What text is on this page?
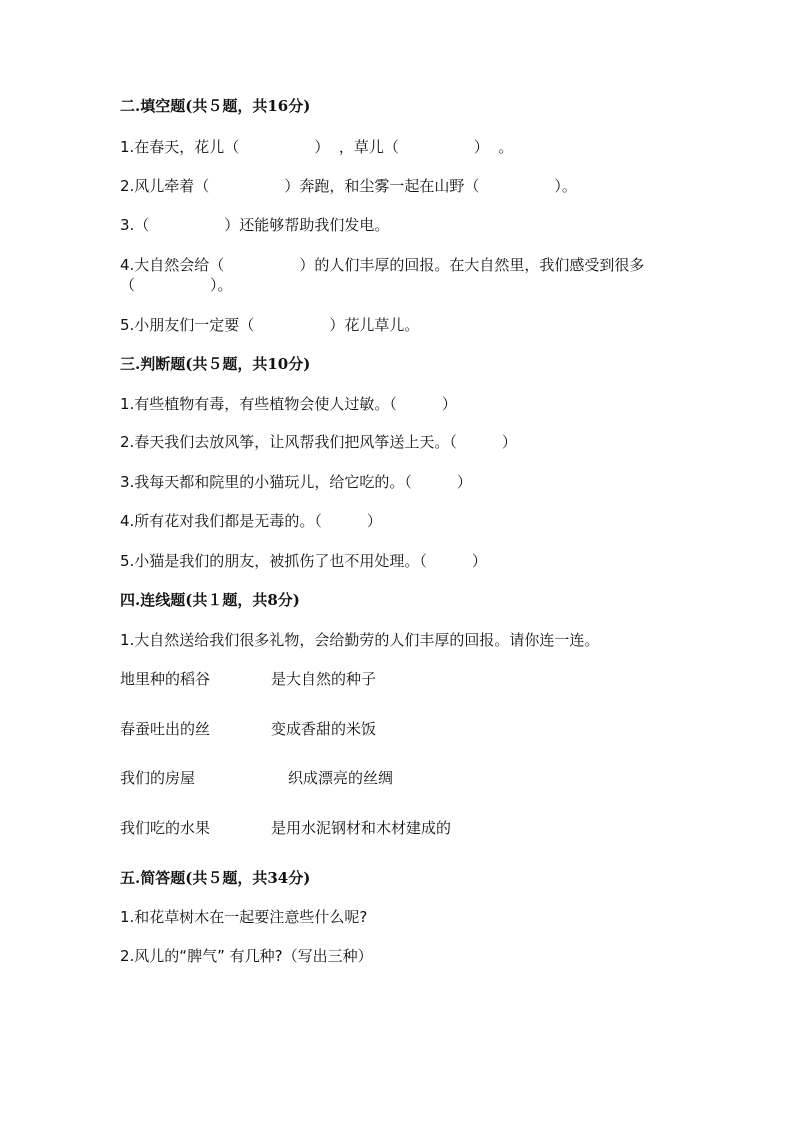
二.填空题(共５题，共16分)
1.在春天，花儿（　　　　　）  ，草儿（　　　　　）  。
2.风儿牵着（　　　　　）奔跑，和尘雾一起在山野（　　　　　）。
3.（　　　　　）还能够帮助我们发电。
4.大自然会给（　　　　　）的人们丰厚的回报。在大自然里，我们感受到很多
（　　　　　）。
5.小朋友们一定要（　　　　　）花儿草儿。
三.判断题(共５题，共10分)
1.有些植物有毒，有些植物会使人过敏。（　　　）
2.春天我们去放风筝，让风帮我们把风筝送上天。（　　　）
3.我每天都和院里的小猫玩儿，给它吃的。（　　　）
4.所有花对我们都是无毒的。（　　　）
5.小猫是我们的朋友，被抓伤了也不用处理。（　　　）
四.连线题(共１题，共8分)
1.大自然送给我们很多礼物，会给勤劳的人们丰厚的回报。请你连一连。
地里种的稻谷	是大自然的种子
春蚕吐出的丝	变成香甜的米饭
我们的房屋	织成漂亮的丝绸
我们吃的水果	是用水泥钢材和木材建成的
五.简答题(共５题，共34分)
1.和花草树木在一起要注意些什么呢?
2.风儿的“脾气” 有几种?（写出三种）
